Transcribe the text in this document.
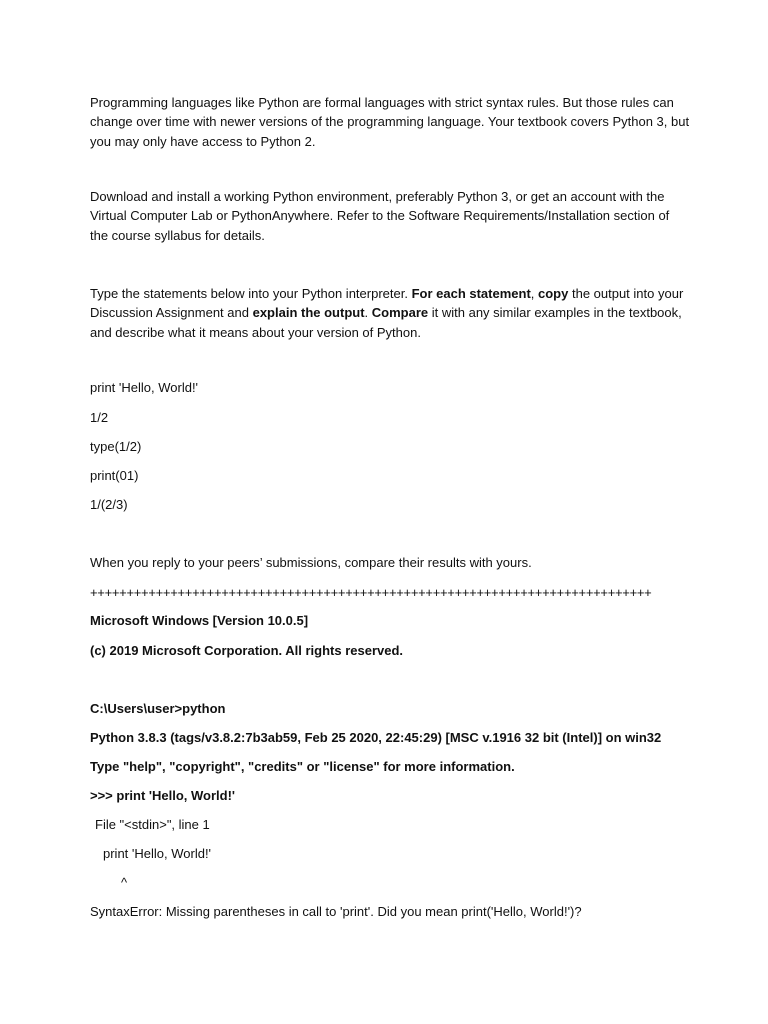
Programming languages like Python are formal languages with strict syntax rules. But those rules can change over time with newer versions of the programming language. Your textbook covers Python 3, but you may only have access to Python 2.
Download and install a working Python environment, preferably Python 3, or get an account with the Virtual Computer Lab or PythonAnywhere. Refer to the Software Requirements/Installation section of the course syllabus for details.
Type the statements below into your Python interpreter. For each statement, copy the output into your Discussion Assignment and explain the output. Compare it with any similar examples in the textbook, and describe what it means about your version of Python.
print 'Hello, World!'
1/2
type(1/2)
print(01)
1/(2/3)
When you reply to your peers’ submissions, compare their results with yours.
+++++++++++++++++++++++++++++++++++++++++++++++++++++++++++++++++++++++++++++
Microsoft Windows [Version 10.0.5]
(c) 2019 Microsoft Corporation. All rights reserved.
C:\Users\user>python
Python 3.8.3 (tags/v3.8.2:7b3ab59, Feb 25 2020, 22:45:29) [MSC v.1916 32 bit (Intel)] on win32
Type "help", "copyright", "credits" or "license" for more information.
>>> print 'Hello, World!'
File "<stdin>", line 1
print 'Hello, World!'
^
SyntaxError: Missing parentheses in call to 'print'. Did you mean print('Hello, World!')?
